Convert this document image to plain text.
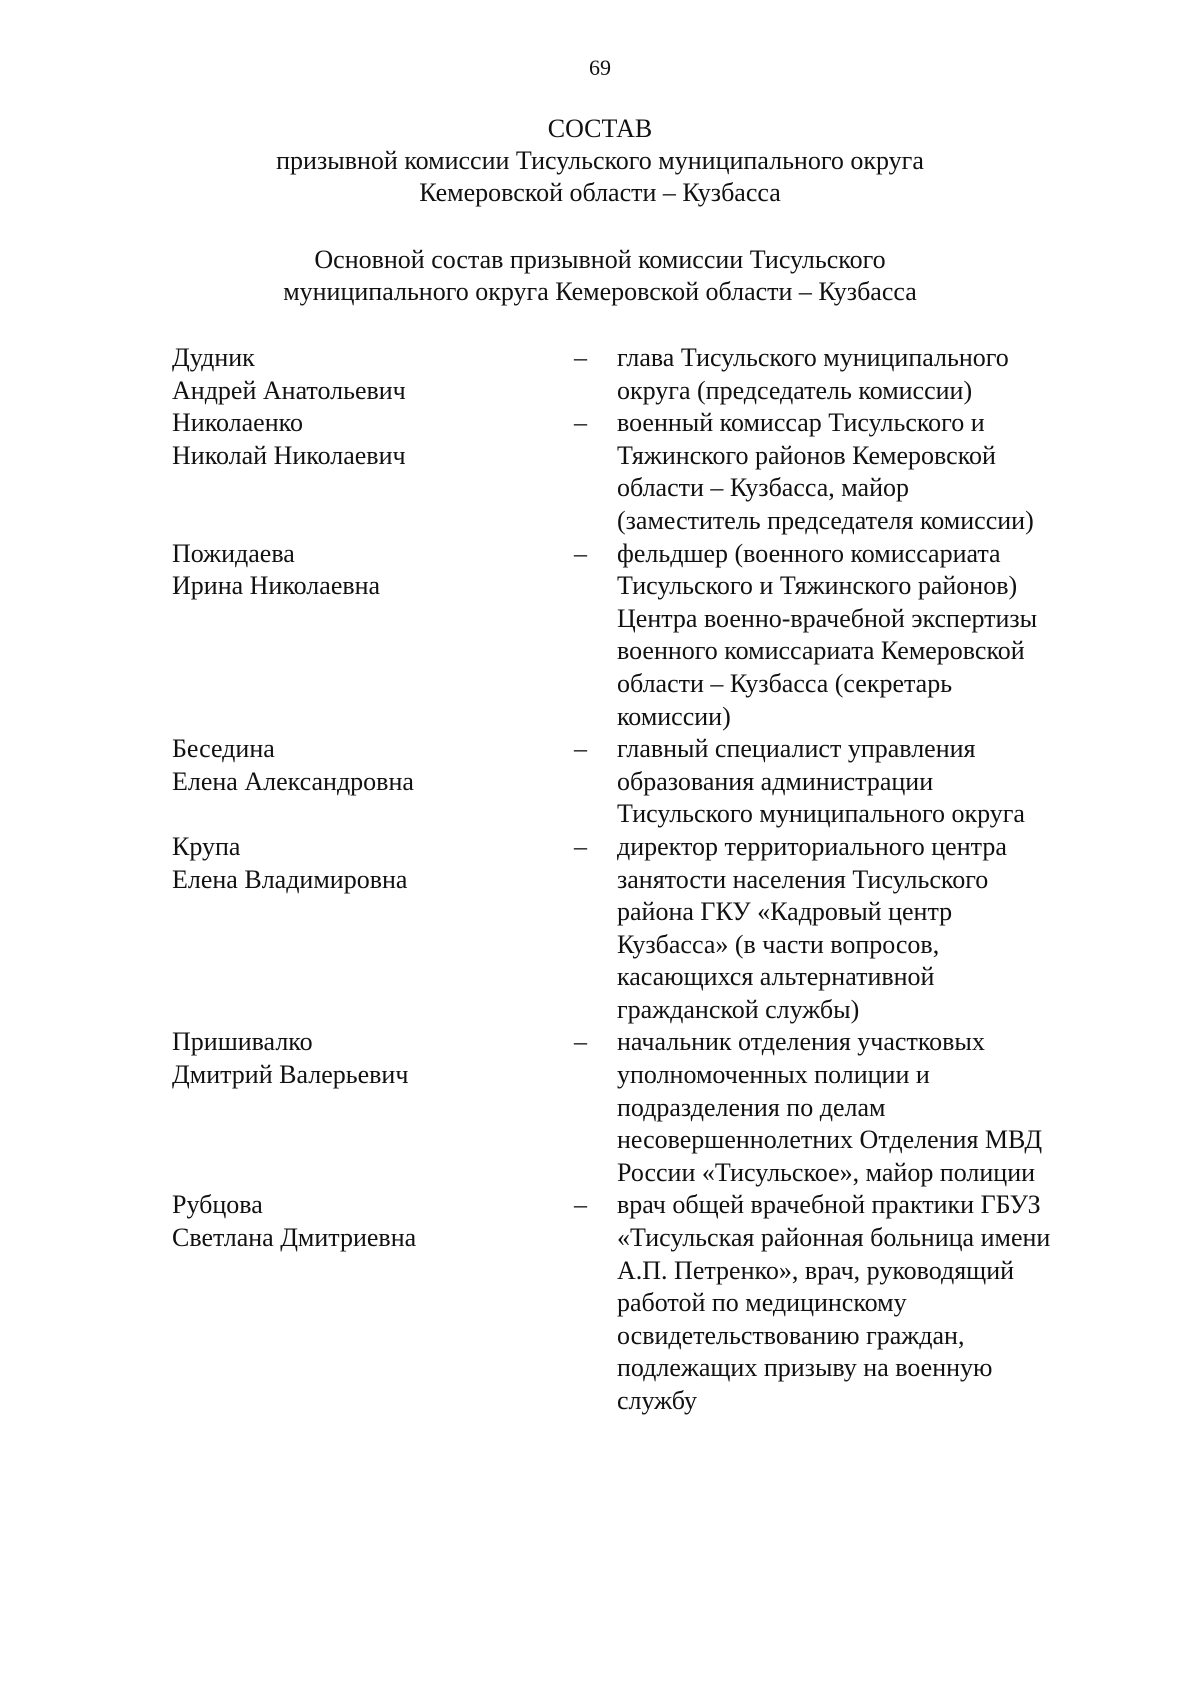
69
СОСТАВ
призывной комиссии Тисульского муниципального округа
Кемеровской области – Кузбасса
Основной состав призывной комиссии Тисульского
муниципального округа Кемеровской области – Кузбасса
Дудник
Андрей Анатольевич
– глава Тисульского муниципального
округа (председатель комиссии)
Николаенко
Николай Николаевич
– военный комиссар Тисульского и
Тяжинского районов Кемеровской
области – Кузбасса, майор
(заместитель председателя комиссии)
Пожидаева
Ирина Николаевна
– фельдшер (военного комиссариата
Тисульского и Тяжинского районов)
Центра военно-врачебной экспертизы
военного комиссариата Кемеровской
области – Кузбасса (секретарь
комиссии)
Беседина
Елена Александровна
– главный специалист управления
образования администрации
Тисульского муниципального округа
Крупа
Елена Владимировна
– директор территориального центра
занятости населения Тисульского
района ГКУ «Кадровый центр
Кузбасса» (в части вопросов,
касающихся альтернативной
гражданской службы)
Пришивалко
Дмитрий Валерьевич
– начальник отделения участковых
уполномоченных полиции и
подразделения по делам
несовершеннолетних Отделения МВД
России «Тисульское», майор полиции
Рубцова
Светлана Дмитриевна
– врач общей врачебной практики ГБУЗ
«Тисульская районная больница имени
А.П. Петренко», врач, руководящий
работой по медицинскому
освидетельствованию граждан,
подлежащих призыву на военную
службу
